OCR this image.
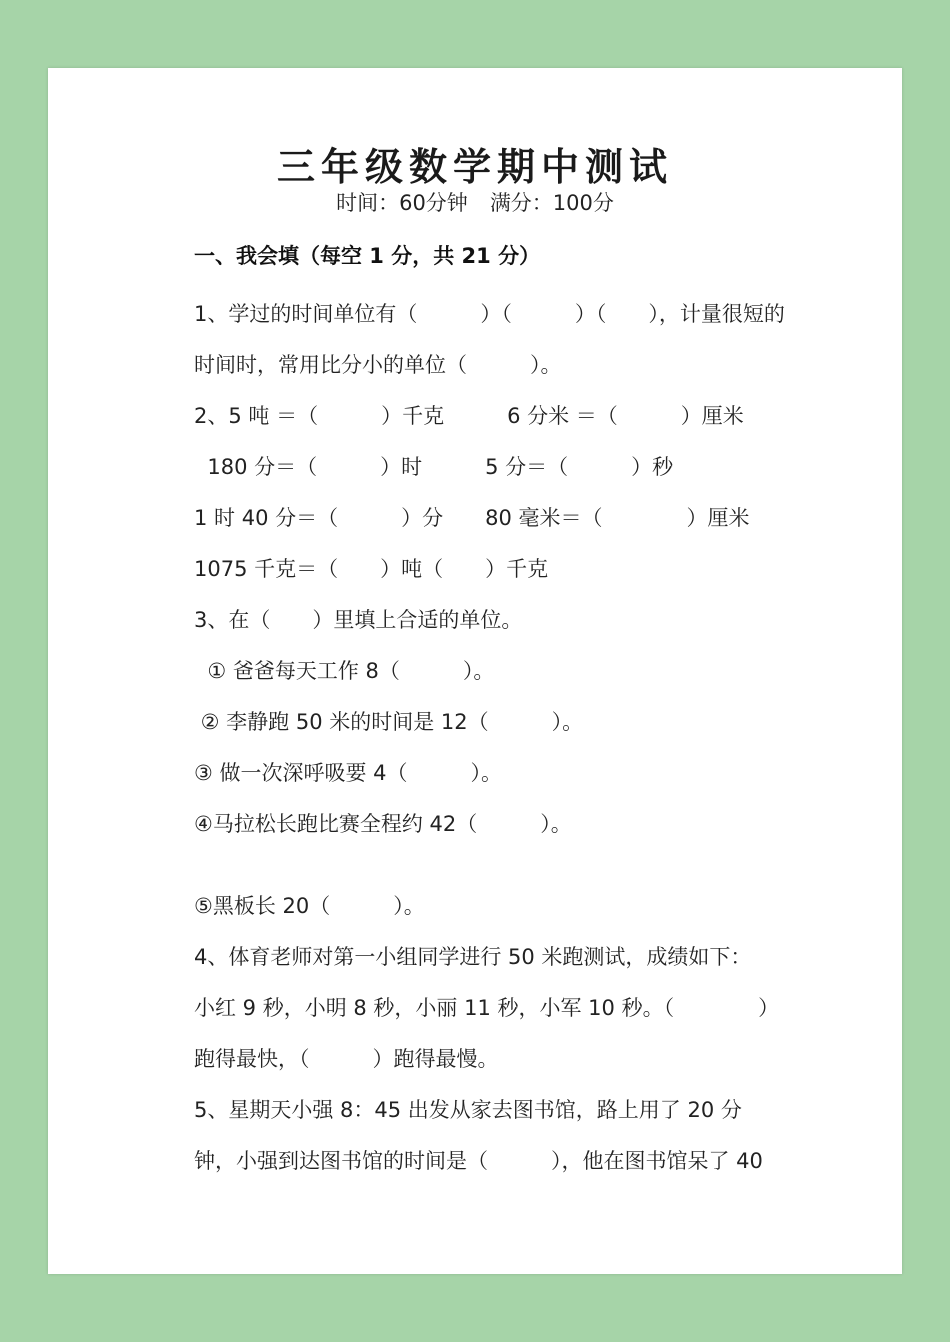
三年级数学期中测试
时间：60分钟 满分：100分
一、我会填（每空 1 分，共 21 分）
1、学过的时间单位有（　　　）（　　　）（　　），计量很短的
时间时，常用比分小的单位（　　　）。
2、5 吨 ＝（　　　）千克　　　6 分米 ＝（　　　）厘米
180 分＝（　　　）时　　　5 分＝（　　　）秒
1 时 40 分＝（　　　）分　　80 毫米＝（　　　　）厘米
1075 千克＝（　　）吨（　　）千克
3、在（　　）里填上合适的单位。
① 爸爸每天工作 8（　　　）。
② 李静跑 50 米的时间是 12（　　　）。
③ 做一次深呼吸要 4（　　　）。
④马拉松长跑比赛全程约 42（　　　）。
⑤黑板长 20（　　　）。
4、体育老师对第一小组同学进行 50 米跑测试，成绩如下：
小红 9 秒，小明 8 秒，小丽 11 秒，小军 10 秒。（　　　　）
跑得最快，（　　　）跑得最慢。
5、星期天小强 8：45 出发从家去图书馆，路上用了 20 分
钟，小强到达图书馆的时间是（　　　），他在图书馆呆了 40
